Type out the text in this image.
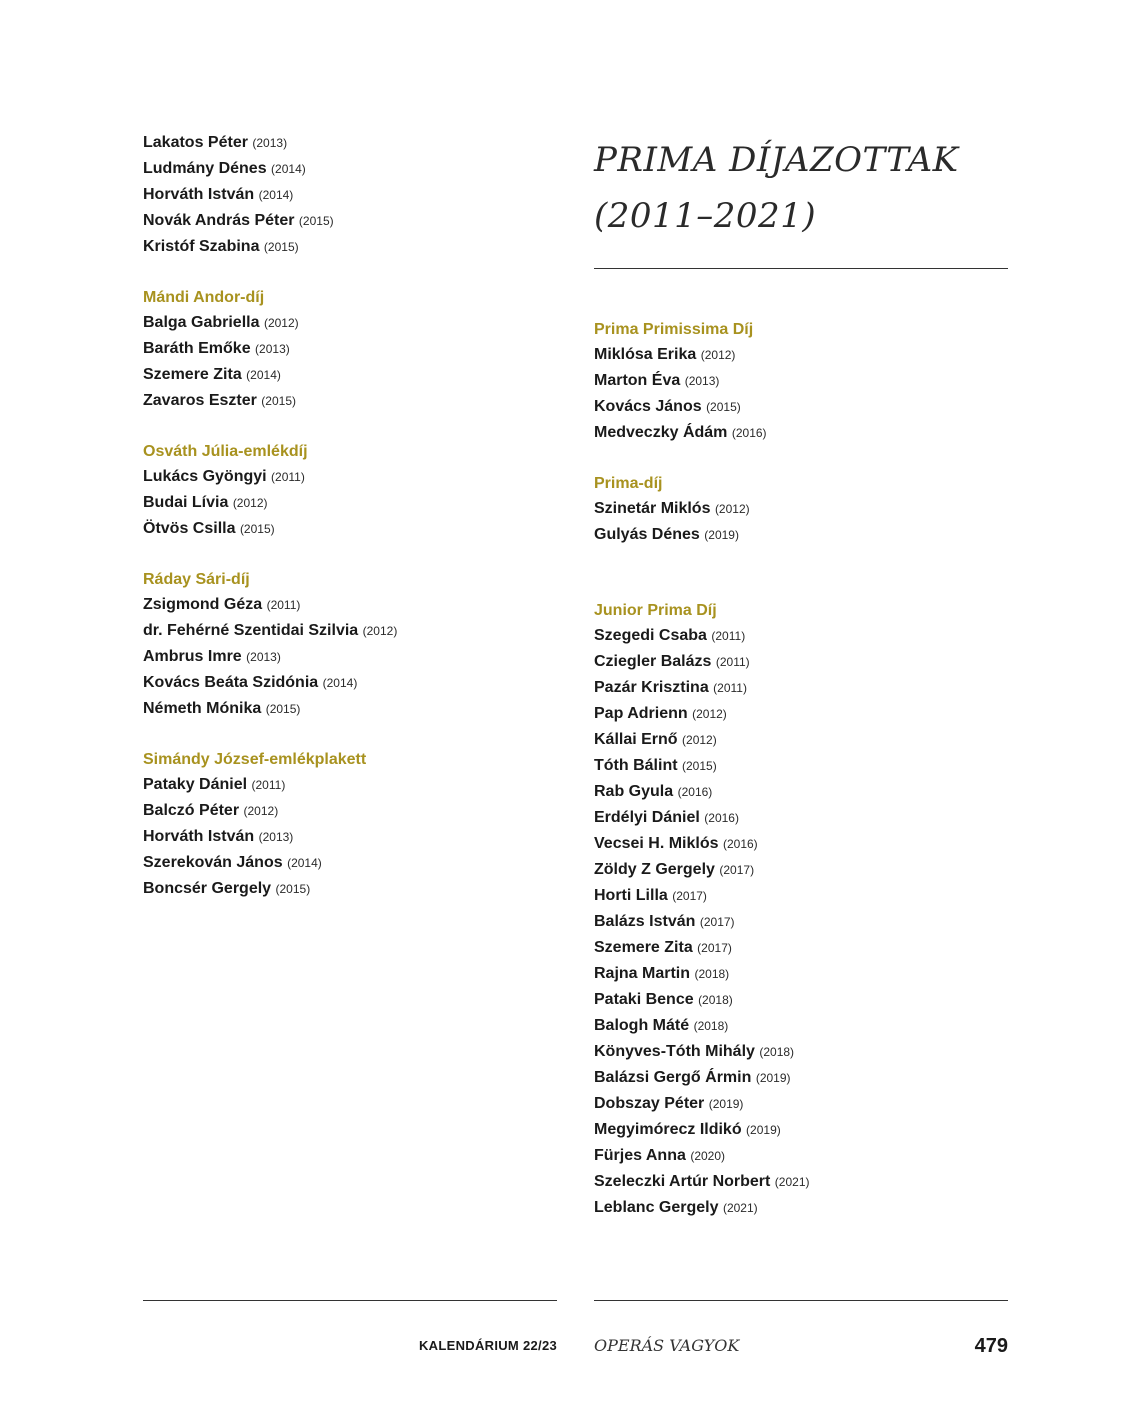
Lakatos Péter (2013)
Ludmány Dénes (2014)
Horváth István (2014)
Novák András Péter (2015)
Kristóf Szabina (2015)
Mándi Andor-díj
Balga Gabriella (2012)
Baráth Emőke (2013)
Szemere Zita (2014)
Zavaros Eszter (2015)
Osváth Júlia-emlékdíj
Lukács Gyöngyi (2011)
Budai Lívia (2012)
Ötvös Csilla (2015)
Ráday Sári-díj
Zsigmond Géza (2011)
dr. Fehérné Szentidai Szilvia (2012)
Ambrus Imre (2013)
Kovács Beáta Szidónia (2014)
Németh Mónika (2015)
Simándy József-emlékplakett
Pataky Dániel (2011)
Balczó Péter (2012)
Horváth István (2013)
Szerekován János (2014)
Boncsér Gergely (2015)
PRIMA DÍJAZOTTAK
(2011–2021)
Prima Primissima Díj
Miklósa Erika (2012)
Marton Éva (2013)
Kovács János (2015)
Medveczky Ádám (2016)
Prima-díj
Szinetár Miklós (2012)
Gulyás Dénes (2019)
Junior Prima Díj
Szegedi Csaba (2011)
Cziegler Balázs (2011)
Pazár Krisztina (2011)
Pap Adrienn (2012)
Kállai Ernő (2012)
Tóth Bálint (2015)
Rab Gyula (2016)
Erdélyi Dániel (2016)
Vecsei H. Miklós (2016)
Zöldy Z Gergely (2017)
Horti Lilla (2017)
Balázs István (2017)
Szemere Zita (2017)
Rajna Martin (2018)
Pataki Bence (2018)
Balogh Máté (2018)
Könyves-Tóth Mihály (2018)
Balázsi Gergő Ármin (2019)
Dobszay Péter (2019)
Megyimórecz Ildikó (2019)
Fürjes Anna (2020)
Szeleczki Artúr Norbert (2021)
Leblanc Gergely (2021)
KALENDÁRIUM 22/23 OPERÁS VAGYOK	479
